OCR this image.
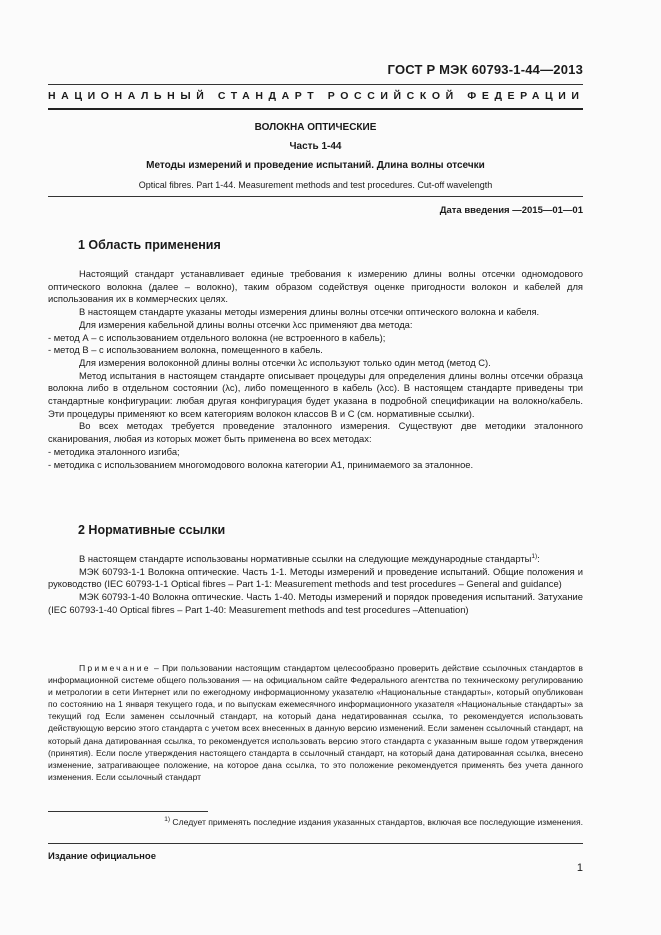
ГОСТ Р МЭК 60793-1-44—2013
НАЦИОНАЛЬНЫЙ СТАНДАРТ РОССИЙСКОЙ ФЕДЕРАЦИИ
ВОЛОКНА ОПТИЧЕСКИЕ
Часть 1-44
Методы измерений и проведение испытаний. Длина волны отсечки
Optical fibres. Part 1-44. Measurement methods and test procedures. Cut-off wavelength
Дата введения —2015—01—01
1 Область применения

Настоящий стандарт устанавливает единые требования к измерению длины волны отсечки одномодового оптического волокна (далее – волокно), таким образом содействуя оценке пригодности волокон и кабелей для использования их в коммерческих целях.

В настоящем стандарте указаны методы измерения длины волны отсечки оптического волокна и кабеля.

Для измерения кабельной длины волны отсечки λcc применяют два метода:

- метод А – с использованием отдельного волокна (не встроенного в кабель);

- метод В – с использованием волокна, помещенного в кабель.

Для измерения волоконной длины волны отсечки λc используют только один метод (метод С).

Метод испытания в настоящем стандарте описывает процедуры для определения длины волны отсечки образца волокна либо в отдельном состоянии (λc), либо помещенного в кабель (λcc). В настоящем стандарте приведены три стандартные конфигурации: любая другая конфигурация будет указана в подробной спецификации на волокно/кабель. Эти процедуры применяют ко всем категориям волокон классов В и С (см. нормативные ссылки).

Во всех методах требуется проведение эталонного измерения. Существуют две методики эталонного сканирования, любая из которых может быть применена во всех методах:

- методика эталонного изгиба;

- методика с использованием многомодового волокна категории А1, принимаемого за эталонное.

2 Нормативные ссылки

В настоящем стандарте использованы нормативные ссылки на следующие международные стандарты$^{1)}$:

МЭК 60793-1-1 Волокна оптические. Часть 1-1. Методы измерений и проведение испытаний. Общие положения и руководство (IEC 60793-1-1 Optical fibres – Part 1-1: Measurement methods and test procedures – General and guidance)

МЭК 60793-1-40 Волокна оптические. Часть 1-40. Методы измерений и порядок проведения испытаний. Затухание (IEC 60793-1-40 Optical fibres – Part 1-40: Measurement methods and test procedures –Attenuation)

Примечание – При пользовании настоящим стандартом целесообразно проверить действие ссылочных стандартов в информационной системе общего пользования — на официальном сайте Федерального агентства по техническому регулированию и метрологии в сети Интернет или по ежегодному информационному указателю «Национальные стандарты», который опубликован по состоянию на 1 января текущего года, и по выпускам ежемесячного информационного указателя «Национальные стандарты» за текущий год Если заменен ссылочный стандарт, на который дана недатированная ссылка, то рекомендуется использовать действующую версию этого стандарта с учетом всех внесенных в данную версию изменений. Если заменен ссылочный стандарт, на который дана датированная ссылка, то рекомендуется использовать версию этого стандарта с указанным выше годом утверждения (принятия). Если после утверждения настоящего стандарта в ссылочный стандарт, на который дана датированная ссылка, внесено изменение, затрагивающее положение, на которое дана ссылка, то это положение рекомендуется применять без учета данного изменения. Если ссылочный стандарт
$^{1)}$ Следует применять последние издания указанных стандартов, включая все последующие изменения.
Издание официальное
1
